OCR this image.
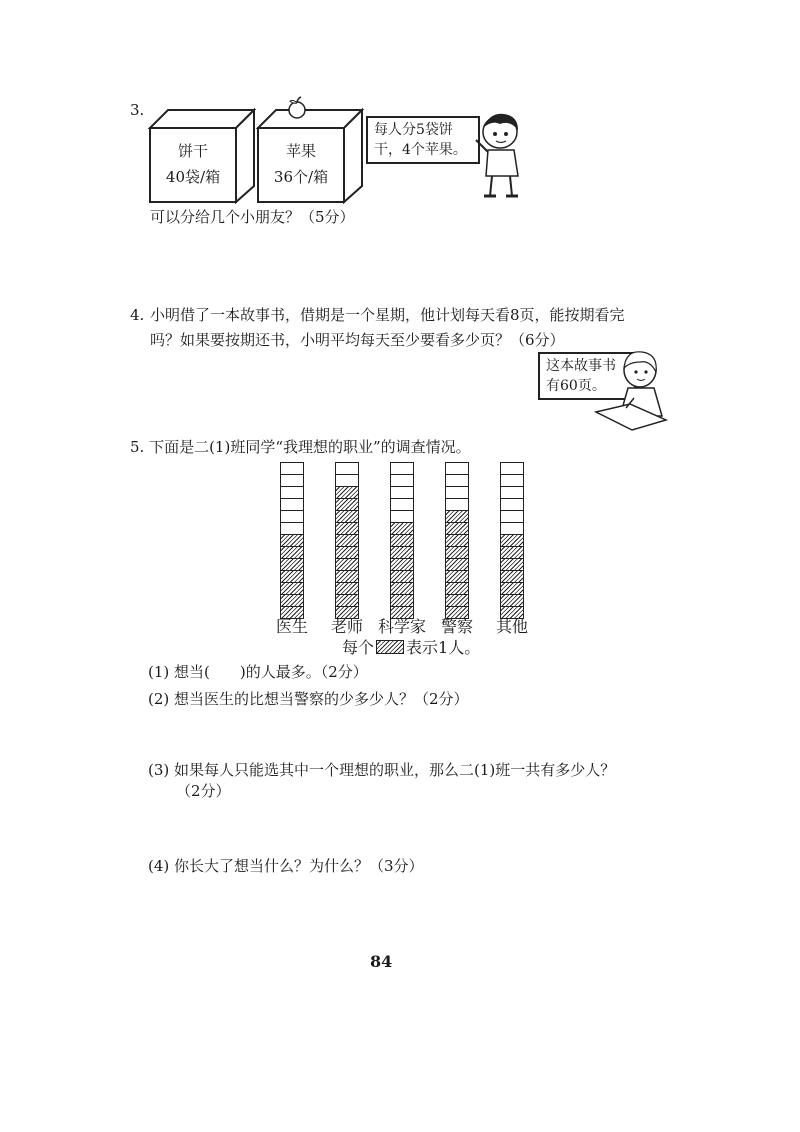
3.
饼干
40袋/箱
苹果
36个/箱
每人分5袋饼
干，4个苹果。
可以分给几个小朋友？（5分）
4. 小明借了一本故事书，借期是一个星期，他计划每天看8页，能按期看完
吗？如果要按期还书，小明平均每天至少要看多少页？（6分）
这本故事书
有60页。
5. 下面是二(1)班同学“我理想的职业”的调查情况。
医生 老师 科学家 警察 其他
每个 表示1人。
(1) 想当( )的人最多。（2分）
(2) 想当医生的比想当警察的少多少人？（2分）
(3) 如果每人只能选其中一个理想的职业，那么二(1)班一共有多少人？
（2分）
(4) 你长大了想当什么？为什么？（3分）
84
